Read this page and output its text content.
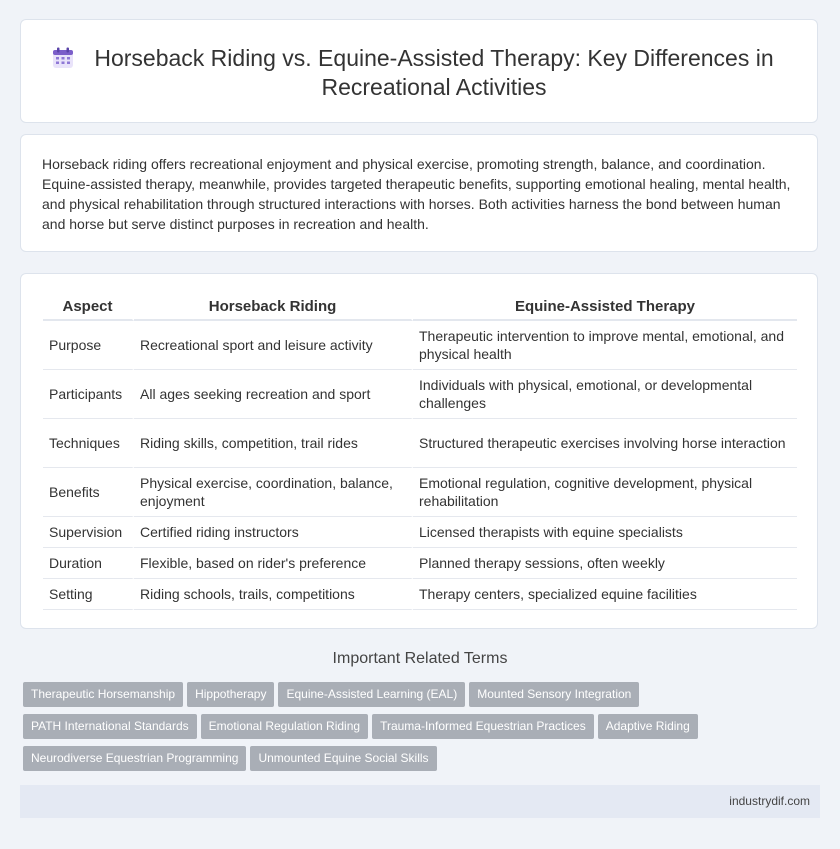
Horseback Riding vs. Equine-Assisted Therapy: Key Differences in Recreational Activities

Horseback riding offers recreational enjoyment and physical exercise, promoting strength, balance, and coordination. Equine-assisted therapy, meanwhile, provides targeted therapeutic benefits, supporting emotional healing, mental health, and physical rehabilitation through structured interactions with horses. Both activities harness the bond between human and horse but serve distinct purposes in recreation and health.

Aspect	Horseback Riding	Equine-Assisted Therapy
Purpose	Recreational sport and leisure activity	Therapeutic intervention to improve mental, emotional, and physical health
Participants	All ages seeking recreation and sport	Individuals with physical, emotional, or developmental challenges
Techniques	Riding skills, competition, trail rides	Structured therapeutic exercises involving horse interaction
Benefits	Physical exercise, coordination, balance, enjoyment	Emotional regulation, cognitive development, physical rehabilitation
Supervision	Certified riding instructors	Licensed therapists with equine specialists
Duration	Flexible, based on rider's preference	Planned therapy sessions, often weekly
Setting	Riding schools, trails, competitions	Therapy centers, specialized equine facilities
Important Related Terms
Therapeutic Horsemanship Hippotherapy Equine-Assisted Learning (EAL) Mounted Sensory Integration
PATH International Standards Emotional Regulation Riding Trauma-Informed Equestrian Practices Adaptive Riding
Neurodiverse Equestrian Programming Unmounted Equine Social Skills
industrydif.com
